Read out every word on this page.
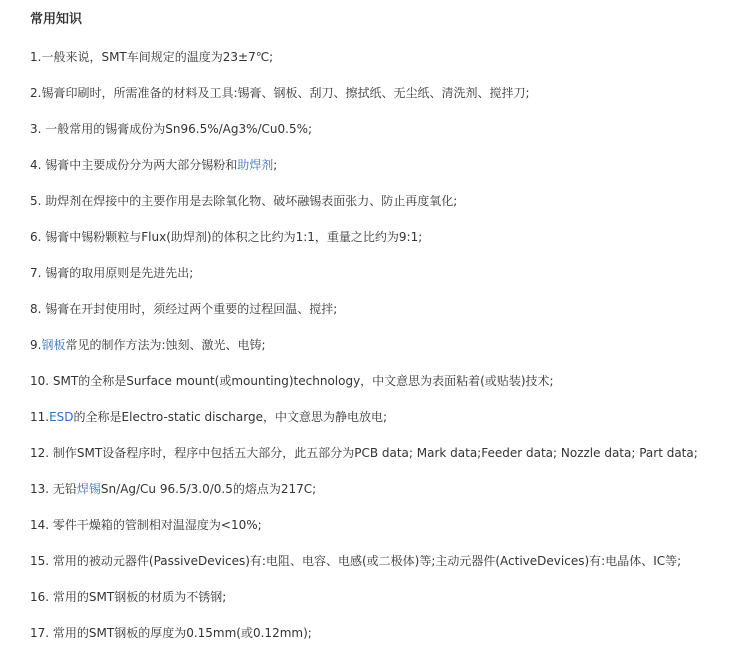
常用知识
1.一般来说，SMT车间规定的温度为23±7℃;
2.锡膏印刷时，所需准备的材料及工具:锡膏、钢板、刮刀、擦拭纸、无尘纸、清洗剂、搅拌刀;
3. 一般常用的锡膏成份为Sn96.5%/Ag3%/Cu0.5%;
4. 锡膏中主要成份分为两大部分锡粉和助焊剂;
5. 助焊剂在焊接中的主要作用是去除氧化物、破坏融锡表面张力、防止再度氧化;
6. 锡膏中锡粉颗粒与Flux(助焊剂)的体积之比约为1:1，重量之比约为9:1;
7. 锡膏的取用原则是先进先出;
8. 锡膏在开封使用时，须经过两个重要的过程回温、搅拌;
9.钢板常见的制作方法为:蚀刻、激光、电铸;
10. SMT的全称是Surface mount(或mounting)technology，中文意思为表面粘着(或贴装)技术;
11.ESD的全称是Electro-static discharge，中文意思为静电放电;
12. 制作SMT设备程序时，程序中包括五大部分，此五部分为PCB data; Mark data;Feeder data; Nozzle data; Part data;
13. 无铅焊锡Sn/Ag/Cu 96.5/3.0/0.5的熔点为217C;
14. 零件干燥箱的管制相对温湿度为<10%;
15. 常用的被动元器件(PassiveDevices)有:电阻、电容、电感(或二极体)等;主动元器件(ActiveDevices)有:电晶体、IC等;
16. 常用的SMT钢板的材质为不锈钢;
17. 常用的SMT钢板的厚度为0.15mm(或0.12mm);
